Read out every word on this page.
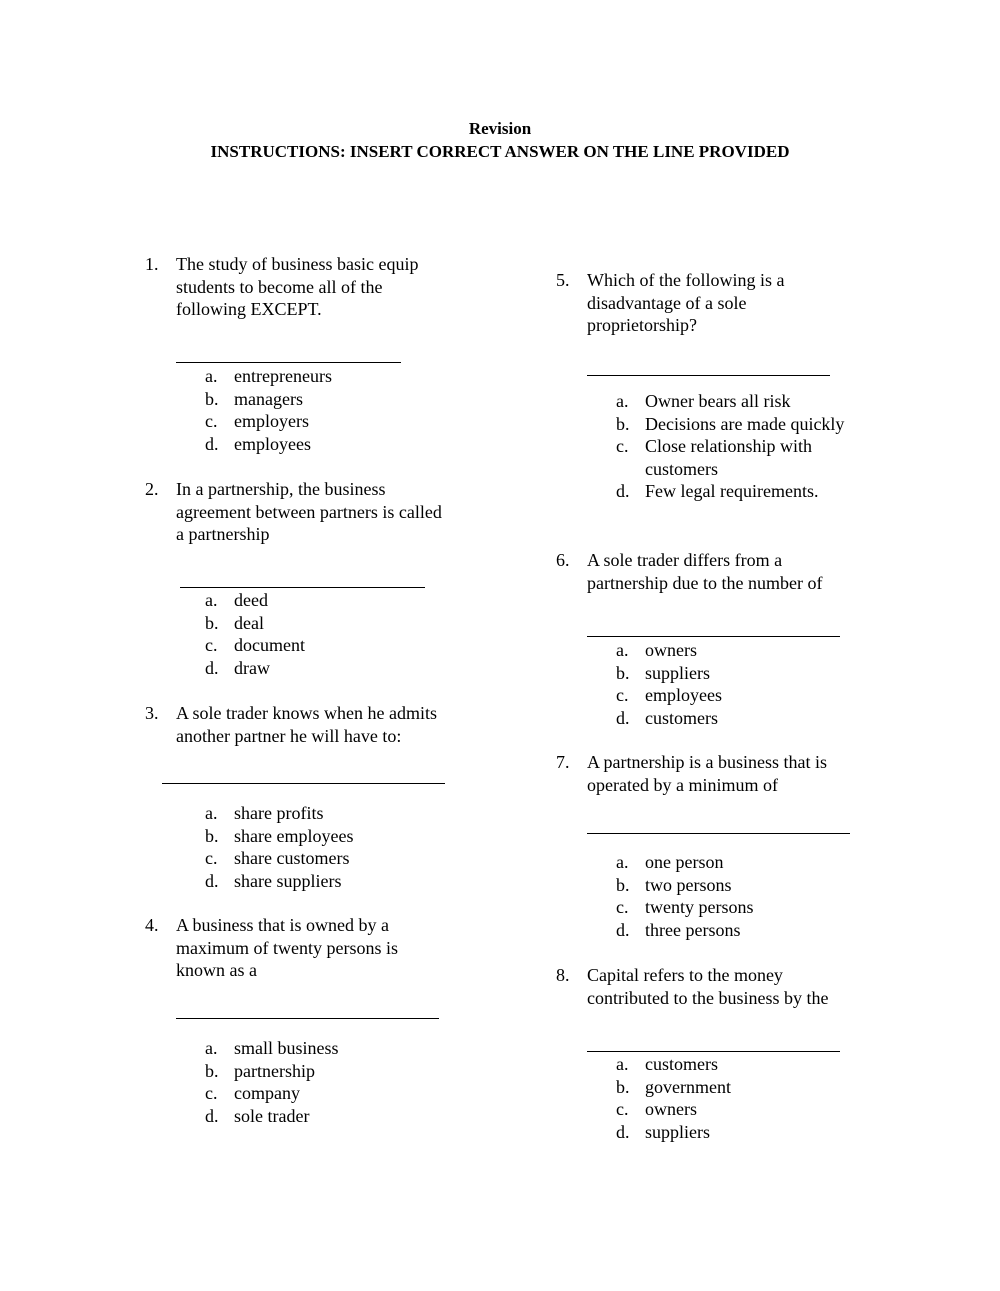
Revision
INSTRUCTIONS: INSERT CORRECT ANSWER ON THE LINE PROVIDED
1. The study of business basic equip
students to become all of the
following EXCEPT.
a. entrepreneurs
b. managers
c. employers
d. employees
2. In a partnership, the business
agreement between partners is called
a partnership
a. deed
b. deal
c. document
d. draw
3. A sole trader knows when he admits
another partner he will have to:
a. share profits
b. share employees
c. share customers
d. share suppliers
4. A business that is owned by a
maximum of twenty persons is
known as a
a. small business
b. partnership
c. company
d. sole trader
5. Which of the following is a
disadvantage of a sole
proprietorship?
a. Owner bears all risk
b. Decisions are made quickly
c. Close relationship with
customers
d. Few legal requirements.
6. A sole trader differs from a
partnership due to the number of
a. owners
b. suppliers
c. employees
d. customers
7. A partnership is a business that is
operated by a minimum of
a. one person
b. two persons
c. twenty persons
d. three persons
8. Capital refers to the money
contributed to the business by the
a. customers
b. government
c. owners
d. suppliers
